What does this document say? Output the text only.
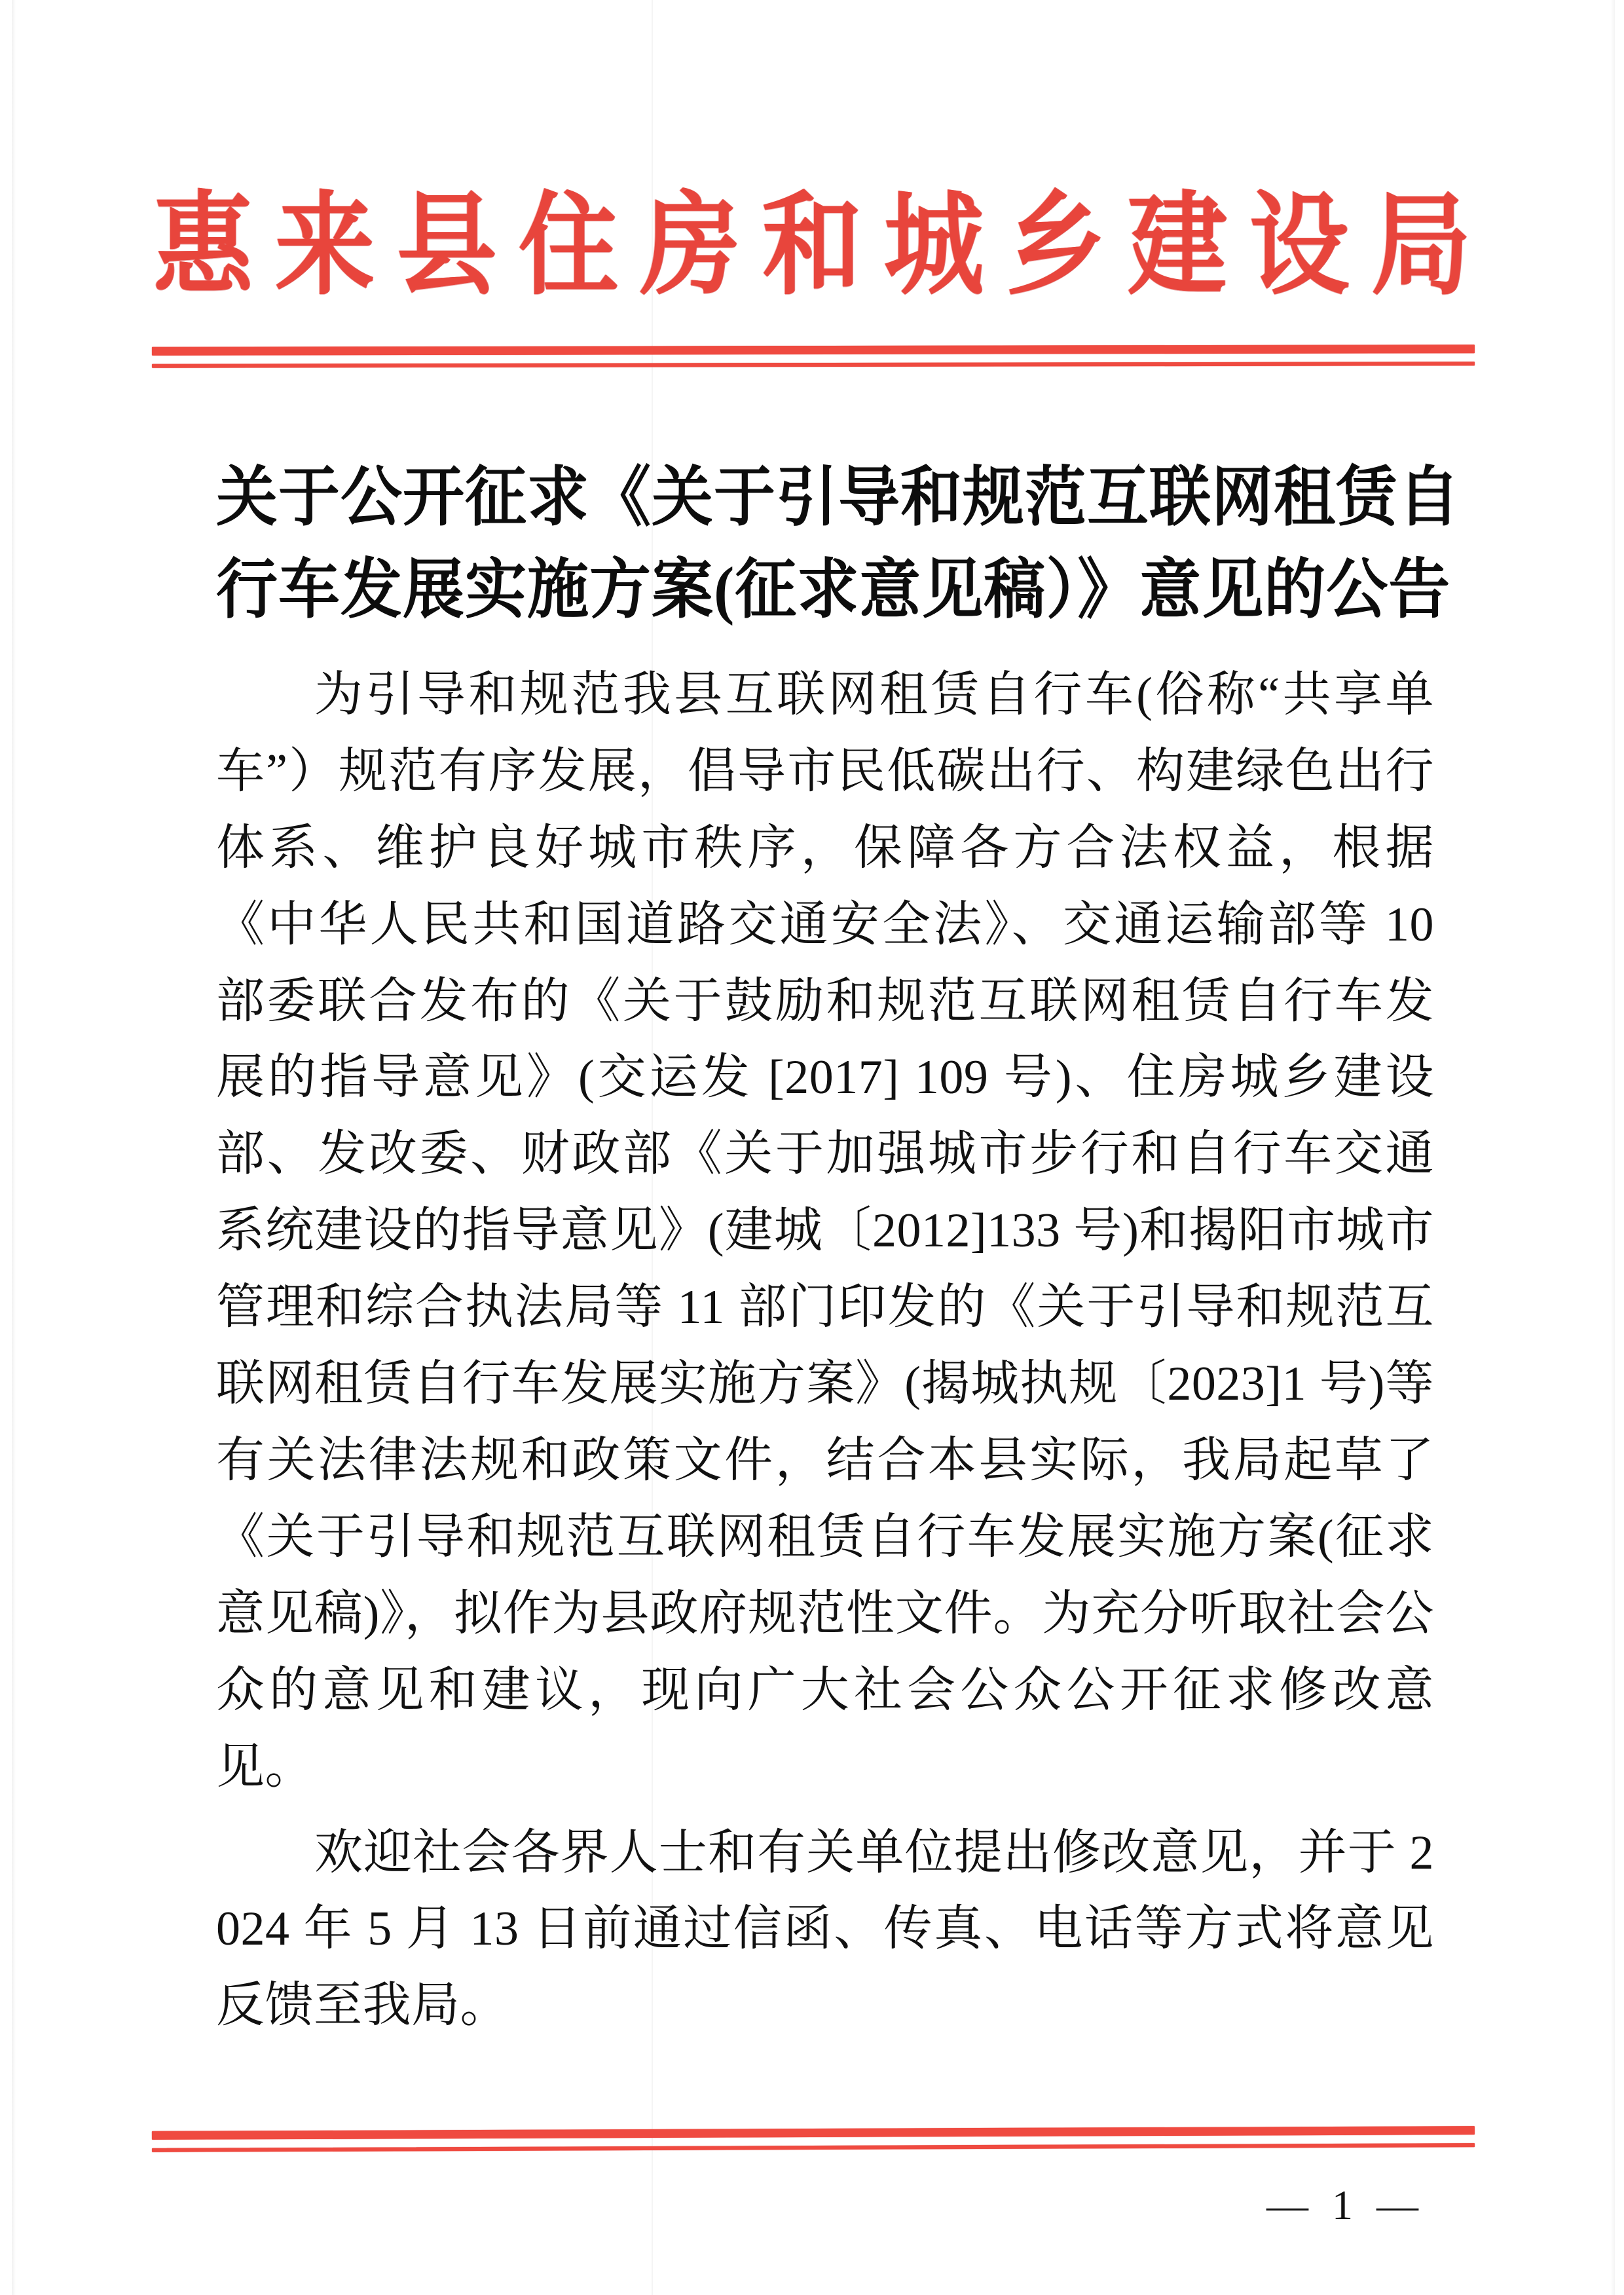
惠来县住房和城乡建设局
关于公开征求《关于引导和规范互联网租赁自
行车发展实施方案(征求意见稿）》意见的公告

为引导和规范我县互联网租赁自行车(俗称“共享单车”）规范有序发展，倡导市民低碳出行、构建绿色出行体系、维护良好城市秩序，保障各方合法权益，根据《中华人民共和国道路交通安全法》、交通运输部等 10 部委联合发布的《关于鼓励和规范互联网租赁自行车发展的指导意见》(交运发 [2017] 109 号)、住房城乡建设部、发改委、财政部《关于加强城市步行和自行车交通系统建设的指导意见》(建城〔2012]133 号)和揭阳市城市管理和综合执法局等 11 部门印发的《关于引导和规范互联网租赁自行车发展实施方案》(揭城执规〔2023]1 号)等有关法律法规和政策文件，结合本县实际，我局起草了《关于引导和规范互联网租赁自行车发展实施方案(征求意见稿)》，拟作为县政府规范性文件。为充分听取社会公众的意见和建议，现向广大社会公众公开征求修改意见。

欢迎社会各界人士和有关单位提出修改意见，并于 2024 年 5 月 13 日前通过信函、传真、电话等方式将意见反馈至我局。

— 1 —
